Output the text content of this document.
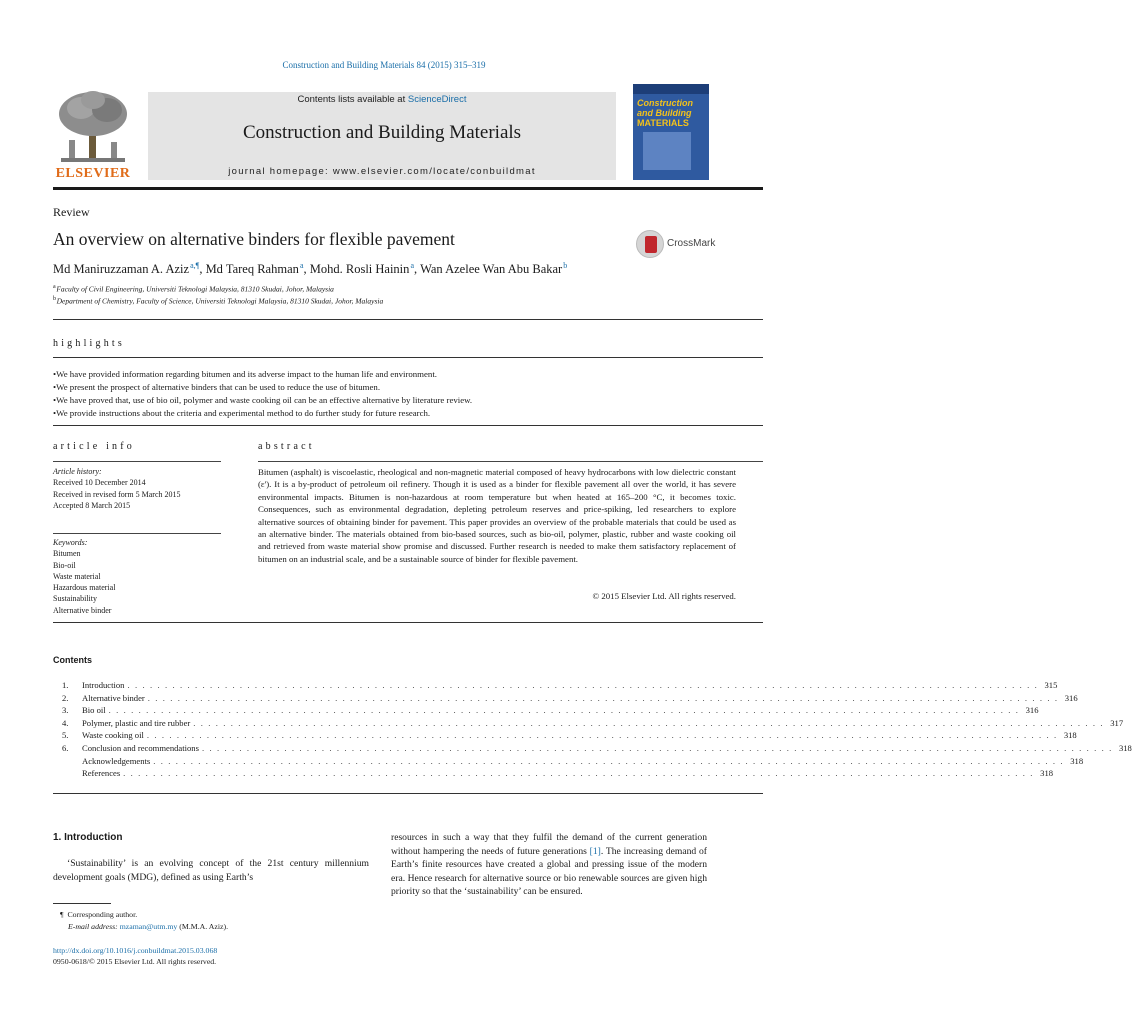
Construction and Building Materials 84 (2015) 315–319
ELSEVIER
Contents lists available at ScienceDirect
Construction and Building Materials
journal homepage: www.elsevier.com/locate/conbuildmat
Construction
and Building
MATERIALS
Review
An overview on alternative binders for flexible pavement	CrossMark
Md Maniruzzaman A. Aziz $^{a,\P}$, Md Tareq Rahman $^a$, Mohd. Rosli Hainin $^a$, Wan Azelee Wan Abu Bakar $^b$
$^a$ Faculty of Civil Engineering, Universiti Teknologi Malaysia, 81310 Skudai, Johor, Malaysia
$^b$ Department of Chemistry, Faculty of Science, Universiti Teknologi Malaysia, 81310 Skudai, Johor, Malaysia
highlights
• We have provided information regarding bitumen and its adverse impact to the human life and environment.
• We present the prospect of alternative binders that can be used to reduce the use of bitumen.
• We have proved that, use of bio oil, polymer and waste cooking oil can be an effective alternative by literature review.
• We provide instructions about the criteria and experimental method to do further study for future research.
article info
Article history:
Received 10 December 2014
Received in revised form 5 March 2015
Accepted 8 March 2015
Keywords:
Bitumen
Bio-oil
Waste material
Hazardous material
Sustainability
Alternative binder
abstract
Bitumen (asphalt) is viscoelastic, rheological and non-magnetic material composed of heavy hydrocarbons with low dielectric constant (ε'). It is a by-product of petroleum oil refinery. Though it is used as a binder for flexible pavement all over the world, it has severe environmental impacts. Bitumen is non-hazardous at room temperature but when heated at 165–200 °C, it becomes toxic. Consequences, such as environmental degradation, depleting petroleum reserves and price-spiking, led researchers to explore alternative sources of obtaining binder for pavement. This paper provides an overview of the probable materials that could be used as an alternative binder. The materials obtained from bio-based sources, such as bio-oil, polymer, plastic, rubber and waste cooking oil and retrieved from waste material show promise and discussed. Further research is needed to make them satisfactory replacement of bitumen on an industrial scale, and be a sustainable source of binder for flexible pavement.
© 2015 Elsevier Ltd. All rights reserved.
Contents
1.	Introduction . . . . . . . . . . . . . . . . . . . . . . . . . . . . . . . . . . . . . . . . . . . . . . . . . . . . . . . . . . . . . . . . . . . . . . . . . . . . . . . . . . . . . . . . . . . . . . . . . . . . . . . . . . . . . . . . . . . . . . . . . . 315
2.	Alternative binder . . . . . . . . . . . . . . . . . . . . . . . . . . . . . . . . . . . . . . . . . . . . . . . . . . . . . . . . . . . . . . . . . . . . . . . . . . . . . . . . . . . . . . . . . . . . . . . . . . . . . . . . . . . . . . . . . . . . . . . . . . 316
3.	Bio oil . . . . . . . . . . . . . . . . . . . . . . . . . . . . . . . . . . . . . . . . . . . . . . . . . . . . . . . . . . . . . . . . . . . . . . . . . . . . . . . . . . . . . . . . . . . . . . . . . . . . . . . . . . . . . . . . . . . . . . . . . . 316
4.	Polymer, plastic and tire rubber . . . . . . . . . . . . . . . . . . . . . . . . . . . . . . . . . . . . . . . . . . . . . . . . . . . . . . . . . . . . . . . . . . . . . . . . . . . . . . . . . . . . . . . . . . . . . . . . . . . . . . . . . . . . . . . . . . . . . . . . . . 317
5.	Waste cooking oil . . . . . . . . . . . . . . . . . . . . . . . . . . . . . . . . . . . . . . . . . . . . . . . . . . . . . . . . . . . . . . . . . . . . . . . . . . . . . . . . . . . . . . . . . . . . . . . . . . . . . . . . . . . . . . . . . . . . . . . . . . 318
6.	Conclusion and recommendations . . . . . . . . . . . . . . . . . . . . . . . . . . . . . . . . . . . . . . . . . . . . . . . . . . . . . . . . . . . . . . . . . . . . . . . . . . . . . . . . . . . . . . . . . . . . . . . . . . . . . . . . . . . . . . . . . . . . . . . . . . 318
Acknowledgements . . . . . . . . . . . . . . . . . . . . . . . . . . . . . . . . . . . . . . . . . . . . . . . . . . . . . . . . . . . . . . . . . . . . . . . . . . . . . . . . . . . . . . . . . . . . . . . . . . . . . . . . . . . . . . . . . . . . . . . . . . 318
References . . . . . . . . . . . . . . . . . . . . . . . . . . . . . . . . . . . . . . . . . . . . . . . . . . . . . . . . . . . . . . . . . . . . . . . . . . . . . . . . . . . . . . . . . . . . . . . . . . . . . . . . . . . . . . . . . . . . . . . . . . 318
1. Introduction
‘Sustainability’ is an evolving concept of the 21st century millennium development goals (MDG), defined as using Earth’s
resources in such a way that they fulfil the demand of the current generation without hampering the needs of future generations [1]. The increasing demand of Earth’s finite resources have created a global and pressing issue of the modern era. Hence research for alternative source or bio renewable sources are given high priority so that the ‘sustainability’ can be ensured.
¶ Corresponding author.
E-mail address: mzaman@utm.my (M.M.A. Aziz).
http://dx.doi.org/10.1016/j.conbuildmat.2015.03.068
0950-0618/© 2015 Elsevier Ltd. All rights reserved.
